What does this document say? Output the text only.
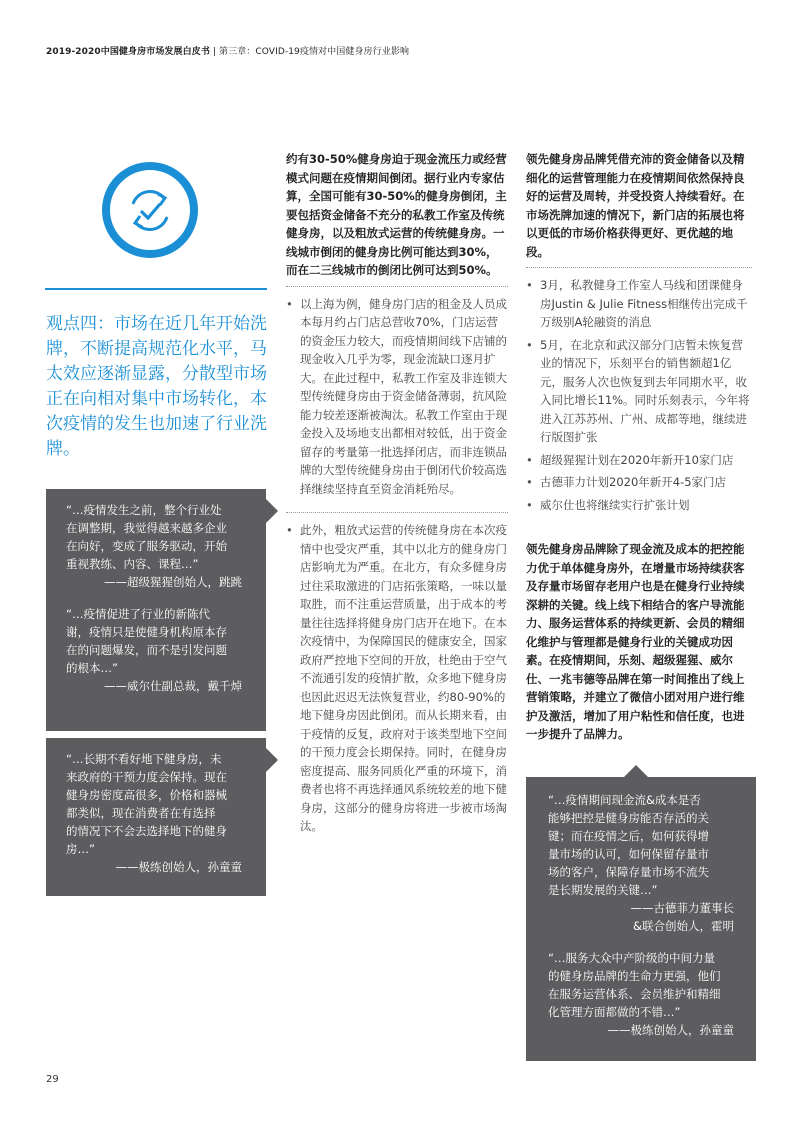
2019-2020中国健身房市场发展白皮书 | 第三章：COVID-19疫情对中国健身房行业影响
观点四：市场在近几年开始洗牌，不断提高规范化水平，马太效应逐渐显露，分散型市场正在向相对集中市场转化，本次疫情的发生也加速了行业洗牌。

“…疫情发生之前，整个行业处
在调整期，我觉得越来越多企业
在向好，变成了服务驱动，开始
重视教练、内容、课程…”

——超级猩猩创始人，跳跳

“…疫情促进了行业的新陈代
谢，疫情只是使健身机构原本存
在的问题爆发，而不是引发问题
的根本…”

——威尔仕副总裁，戴千焯

“…长期不看好地下健身房，未
来政府的干预力度会保持。现在
健身房密度高很多，价格和器械
都类似，现在消费者在有选择
的情况下不会去选择地下的健身
房…”

——极练创始人，孙童童

约有30-50%健身房迫于现金流压力或经营模式问题在疫情期间倒闭。据行业内专家估算，全国可能有30-50%的健身房倒闭，主要包括资金储备不充分的私教工作室及传统健身房，以及粗放式运营的传统健身房。一线城市倒闭的健身房比例可能达到30%，而在二三线城市的倒闭比例可达到50%。

• 以上海为例，健身房门店的租金及人员成本每月约占门店总营收70%，门店运营的资金压力较大，而疫情期间线下店铺的现金收入几乎为零，现金流缺口逐月扩大。在此过程中，私教工作室及非连锁大型传统健身房由于资金储备薄弱，抗风险能力较差逐渐被淘汰。私教工作室由于现金投入及场地支出都相对较低，出于资金留存的考量第一批选择闭店，而非连锁品牌的大型传统健身房由于倒闭代价较高选择继续坚持直至资金消耗殆尽。
• 此外，粗放式运营的传统健身房在本次疫情中也受灾严重，其中以北方的健身房门店影响尤为严重。在北方，有众多健身房过往采取激进的门店拓张策略，一味以量取胜，而不注重运营质量，出于成本的考量往往选择将健身房门店开在地下。在本次疫情中，为保障国民的健康安全，国家政府严控地下空间的开放，杜绝由于空气不流通引发的疫情扩散，众多地下健身房也因此迟迟无法恢复营业，约80-90%的地下健身房因此倒闭。而从长期来看，由于疫情的反复，政府对于该类型地下空间的干预力度会长期保持。同时，在健身房密度提高、服务同质化严重的环境下，消费者也将不再选择通风系统较差的地下健身房，这部分的健身房将进一步被市场淘汰。

领先健身房品牌凭借充沛的资金储备以及精细化的运营管理能力在疫情期间依然保持良好的运营及周转，并受投资人持续看好。在市场洗牌加速的情况下，新门店的拓展也将以更低的市场价格获得更好、更优越的地段。

• 3月，私教健身工作室人马线和团课健身房Justin & Julie Fitness相继传出完成千万级别A轮融资的消息
• 5月，在北京和武汉部分门店暂未恢复营业的情况下，乐刻平台的销售额超1亿元，服务人次也恢复到去年同期水平，收入同比增长11%。同时乐刻表示，今年将进入江苏苏州、广州、成都等地，继续进行版图扩张
• 超级猩猩计划在2020年新开10家门店
• 古德菲力计划2020年新开4-5家门店
• 威尔仕也将继续实行扩张计划

领先健身房品牌除了现金流及成本的把控能力优于单体健身房外，在增量市场持续获客及存量市场留存老用户也是在健身行业持续深耕的关键。线上线下相结合的客户导流能力、服务运营体系的持续更新、会员的精细化维护与管理都是健身行业的关键成功因素。在疫情期间，乐刻、超级猩猩、威尔仕、一兆韦德等品牌在第一时间推出了线上营销策略，并建立了微信小团对用户进行维护及激活，增加了用户粘性和信任度，也进一步提升了品牌力。

“…疫情期间现金流&成本是否
能够把控是健身房能否存活的关
键；而在疫情之后，如何获得增
量市场的认可，如何保留存量市
场的客户，保障存量市场不流失
是长期发展的关键…”

——古德菲力董事长
&联合创始人，霍明

“…服务大众中产阶级的中间力量
的健身房品牌的生命力更强，他们
在服务运营体系、会员维护和精细
化管理方面都做的不错…”

——极练创始人，孙童童

29
